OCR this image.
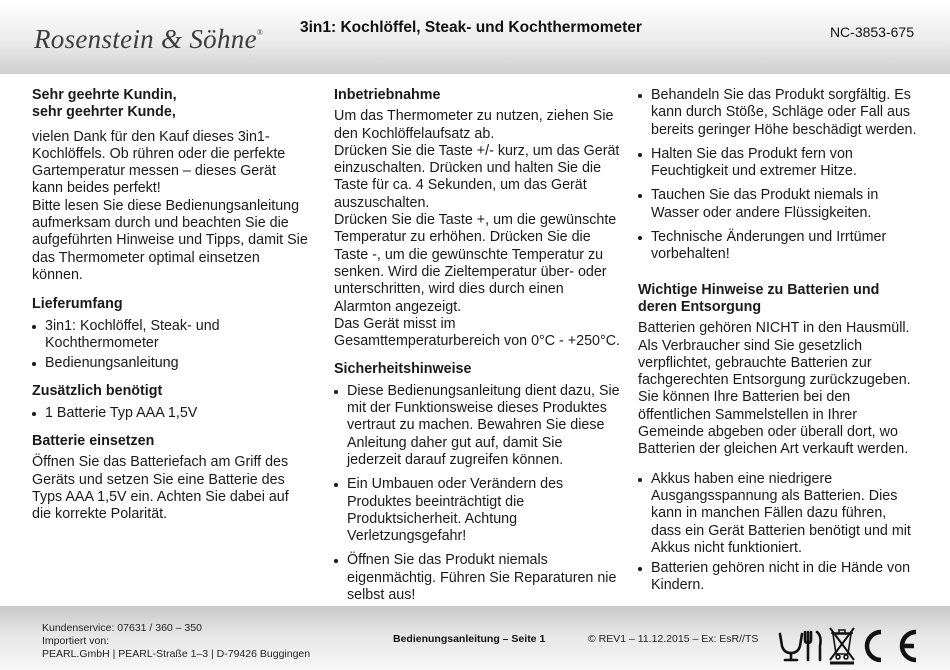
Rosenstein & Söhne® 3in1: Kochlöffel, Steak- und Kochthermometer	NC-3853-675
Sehr geehrte Kundin,
sehr geehrter Kunde,

vielen Dank für den Kauf dieses 3in1-Kochlöffels. Ob rühren oder die perfekte Gartemperatur messen – dieses Gerät kann beides perfekt!

Bitte lesen Sie diese Bedienungsanleitung aufmerksam durch und beachten Sie die aufgeführten Hinweise und Tipps, damit Sie das Thermometer optimal einsetzen können.

Lieferumfang
3in1: Kochlöffel, Steak- und Kochthermometer
Bedienungsanleitung
Zusätzlich benötigt
1 Batterie Typ AAA 1,5V
Batterie einsetzen

Öffnen Sie das Batteriefach am Griff des Geräts und setzen Sie eine Batterie des Typs AAA 1,5V ein. Achten Sie dabei auf die korrekte Polarität.

Inbetriebnahme

Um das Thermometer zu nutzen, ziehen Sie den Kochlöffelaufsatz ab.

Drücken Sie die Taste +/- kurz, um das Gerät einzuschalten. Drücken und halten Sie die Taste für ca. 4 Sekunden, um das Gerät auszuschalten.

Drücken Sie die Taste +, um die gewünschte Temperatur zu erhöhen. Drücken Sie die Taste -, um die gewünschte Temperatur zu senken. Wird die Zieltemperatur über- oder unterschritten, wird dies durch einen Alarmton angezeigt.

Das Gerät misst im Gesamttemperaturbereich von 0°C - +250°C.

Sicherheitshinweise
Diese Bedienungsanleitung dient dazu, Sie mit der Funktionsweise dieses Produktes vertraut zu machen. Bewahren Sie diese Anleitung daher gut auf, damit Sie jederzeit darauf zugreifen können.
Ein Umbauen oder Verändern des Produktes beeinträchtigt die Produktsicherheit. Achtung Verletzungsgefahr!
Öffnen Sie das Produkt niemals eigenmächtig. Führen Sie Reparaturen nie selbst aus!
Behandeln Sie das Produkt sorgfältig. Es kann durch Stöße, Schläge oder Fall aus bereits geringer Höhe beschädigt werden.
Halten Sie das Produkt fern von Feuchtigkeit und extremer Hitze.
Tauchen Sie das Produkt niemals in Wasser oder andere Flüssigkeiten.
Technische Änderungen und Irrtümer vorbehalten!
Wichtige Hinweise zu Batterien und deren Entsorgung

Batterien gehören NICHT in den Hausmüll. Als Verbraucher sind Sie gesetzlich verpflichtet, gebrauchte Batterien zur fachgerechten Entsorgung zurückzugeben. Sie können Ihre Batterien bei den öffentlichen Sammelstellen in Ihrer Gemeinde abgeben oder überall dort, wo Batterien der gleichen Art verkauft werden.

Akkus haben eine niedrigere Ausgangsspannung als Batterien. Dies kann in manchen Fällen dazu führen, dass ein Gerät Batterien benötigt und mit Akkus nicht funktioniert.
Batterien gehören nicht in die Hände von Kindern.
Kundenservice: 07631 / 360 – 350
Importiert von:
PEARL.GmbH | PEARL-Straße 1–3 | D-79426 Buggingen
Bedienungsanleitung – Seite 1	© REV1 – 11.12.2015 – Ex: EsR//TS
